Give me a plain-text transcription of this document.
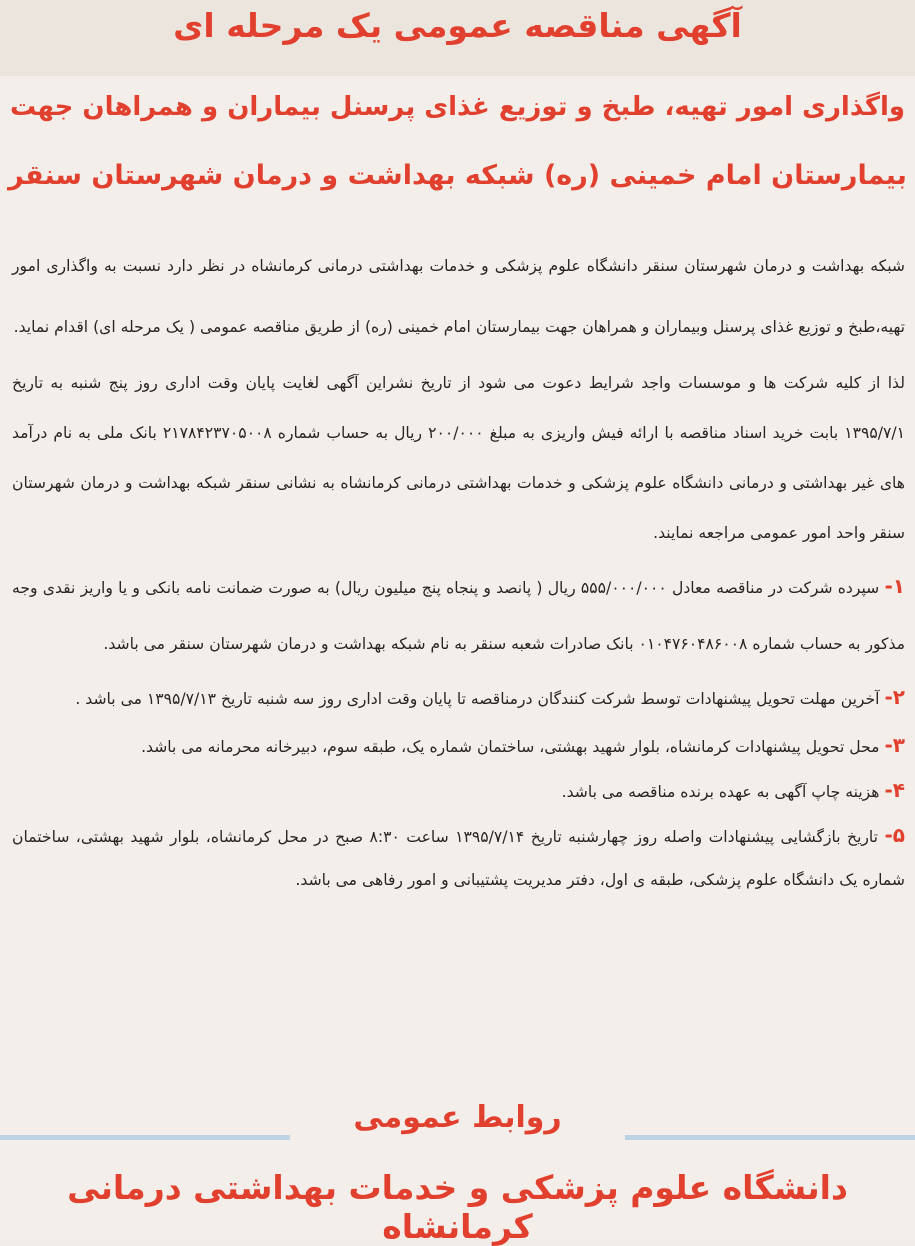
آگهی مناقصه عمومی یک مرحله ای
واگذاری امور تهیه، طبخ و توزیع غذای پرسنل بیماران و همراهان جهت
بیمارستان امام خمینی (ره) شبکه بهداشت و درمان شهرستان سنقر

شبکه بهداشت و درمان شهرستان سنقر دانشگاه علوم پزشکی و خدمات بهداشتی درمانی کرمانشاه در نظر دارد نسبت به واگذاری امور تهیه،طبخ و توزیع غذای پرسنل وبیماران و همراهان جهت بیمارستان امام خمینی (ره) از طریق مناقصه عمومی ( یک مرحله ای) اقدام نماید.

لذا از کلیه شرکت ها و موسسات واجد شرایط دعوت می شود از تاریخ نشراین آگهی لغایت پایان وقت اداری روز پنج شنبه به تاریخ ۱۳۹۵/۷/۱ بابت خرید اسناد مناقصه با ارائه فیش واریزی به مبلغ ۲۰۰/۰۰۰ ریال به حساب شماره ۲۱۷۸۴۲۳۷۰۵۰۰۸ بانک ملی به نام درآمد های غیر بهداشتی و درمانی دانشگاه علوم پزشکی و خدمات بهداشتی درمانی کرمانشاه به نشانی سنقر شبکه بهداشت و درمان شهرستان سنقر واحد امور عمومی مراجعه نمایند.

۱- سپرده شرکت در مناقصه معادل ۵۵۵/۰۰۰/۰۰۰ ریال ( پانصد و پنجاه پنج میلیون ریال) به صورت ضمانت نامه بانکی و یا واریز نقدی وجه مذکور به حساب شماره ۰۱۰۴۷۶۰۴۸۶۰۰۸ بانک صادرات شعبه سنقر به نام شبکه بهداشت و درمان شهرستان سنقر می باشد.

۲- آخرین مهلت تحویل پیشنهادات توسط شرکت کنندگان درمناقصه تا پایان وقت اداری روز سه شنبه تاریخ ۱۳۹۵/۷/۱۳ می باشد .

۳- محل تحویل پیشنهادات کرمانشاه، بلوار شهید بهشتی، ساختمان شماره یک، طبقه سوم، دبیرخانه محرمانه می باشد.

۴- هزینه چاپ آگهی به عهده برنده مناقصه می باشد.

۵- تاریخ بازگشایی پیشنهادات واصله روز چهارشنبه تاریخ ۱۳۹۵/۷/۱۴ ساعت ۸:۳۰ صبح در محل کرمانشاه، بلوار شهید بهشتی، ساختمان شماره یک دانشگاه علوم پزشکی، طبقه ی اول، دفتر مدیریت پشتیبانی و امور رفاهی می باشد.

روابط عمومی
دانشگاه علوم پزشکی و خدمات بهداشتی درمانی کرمانشاه
